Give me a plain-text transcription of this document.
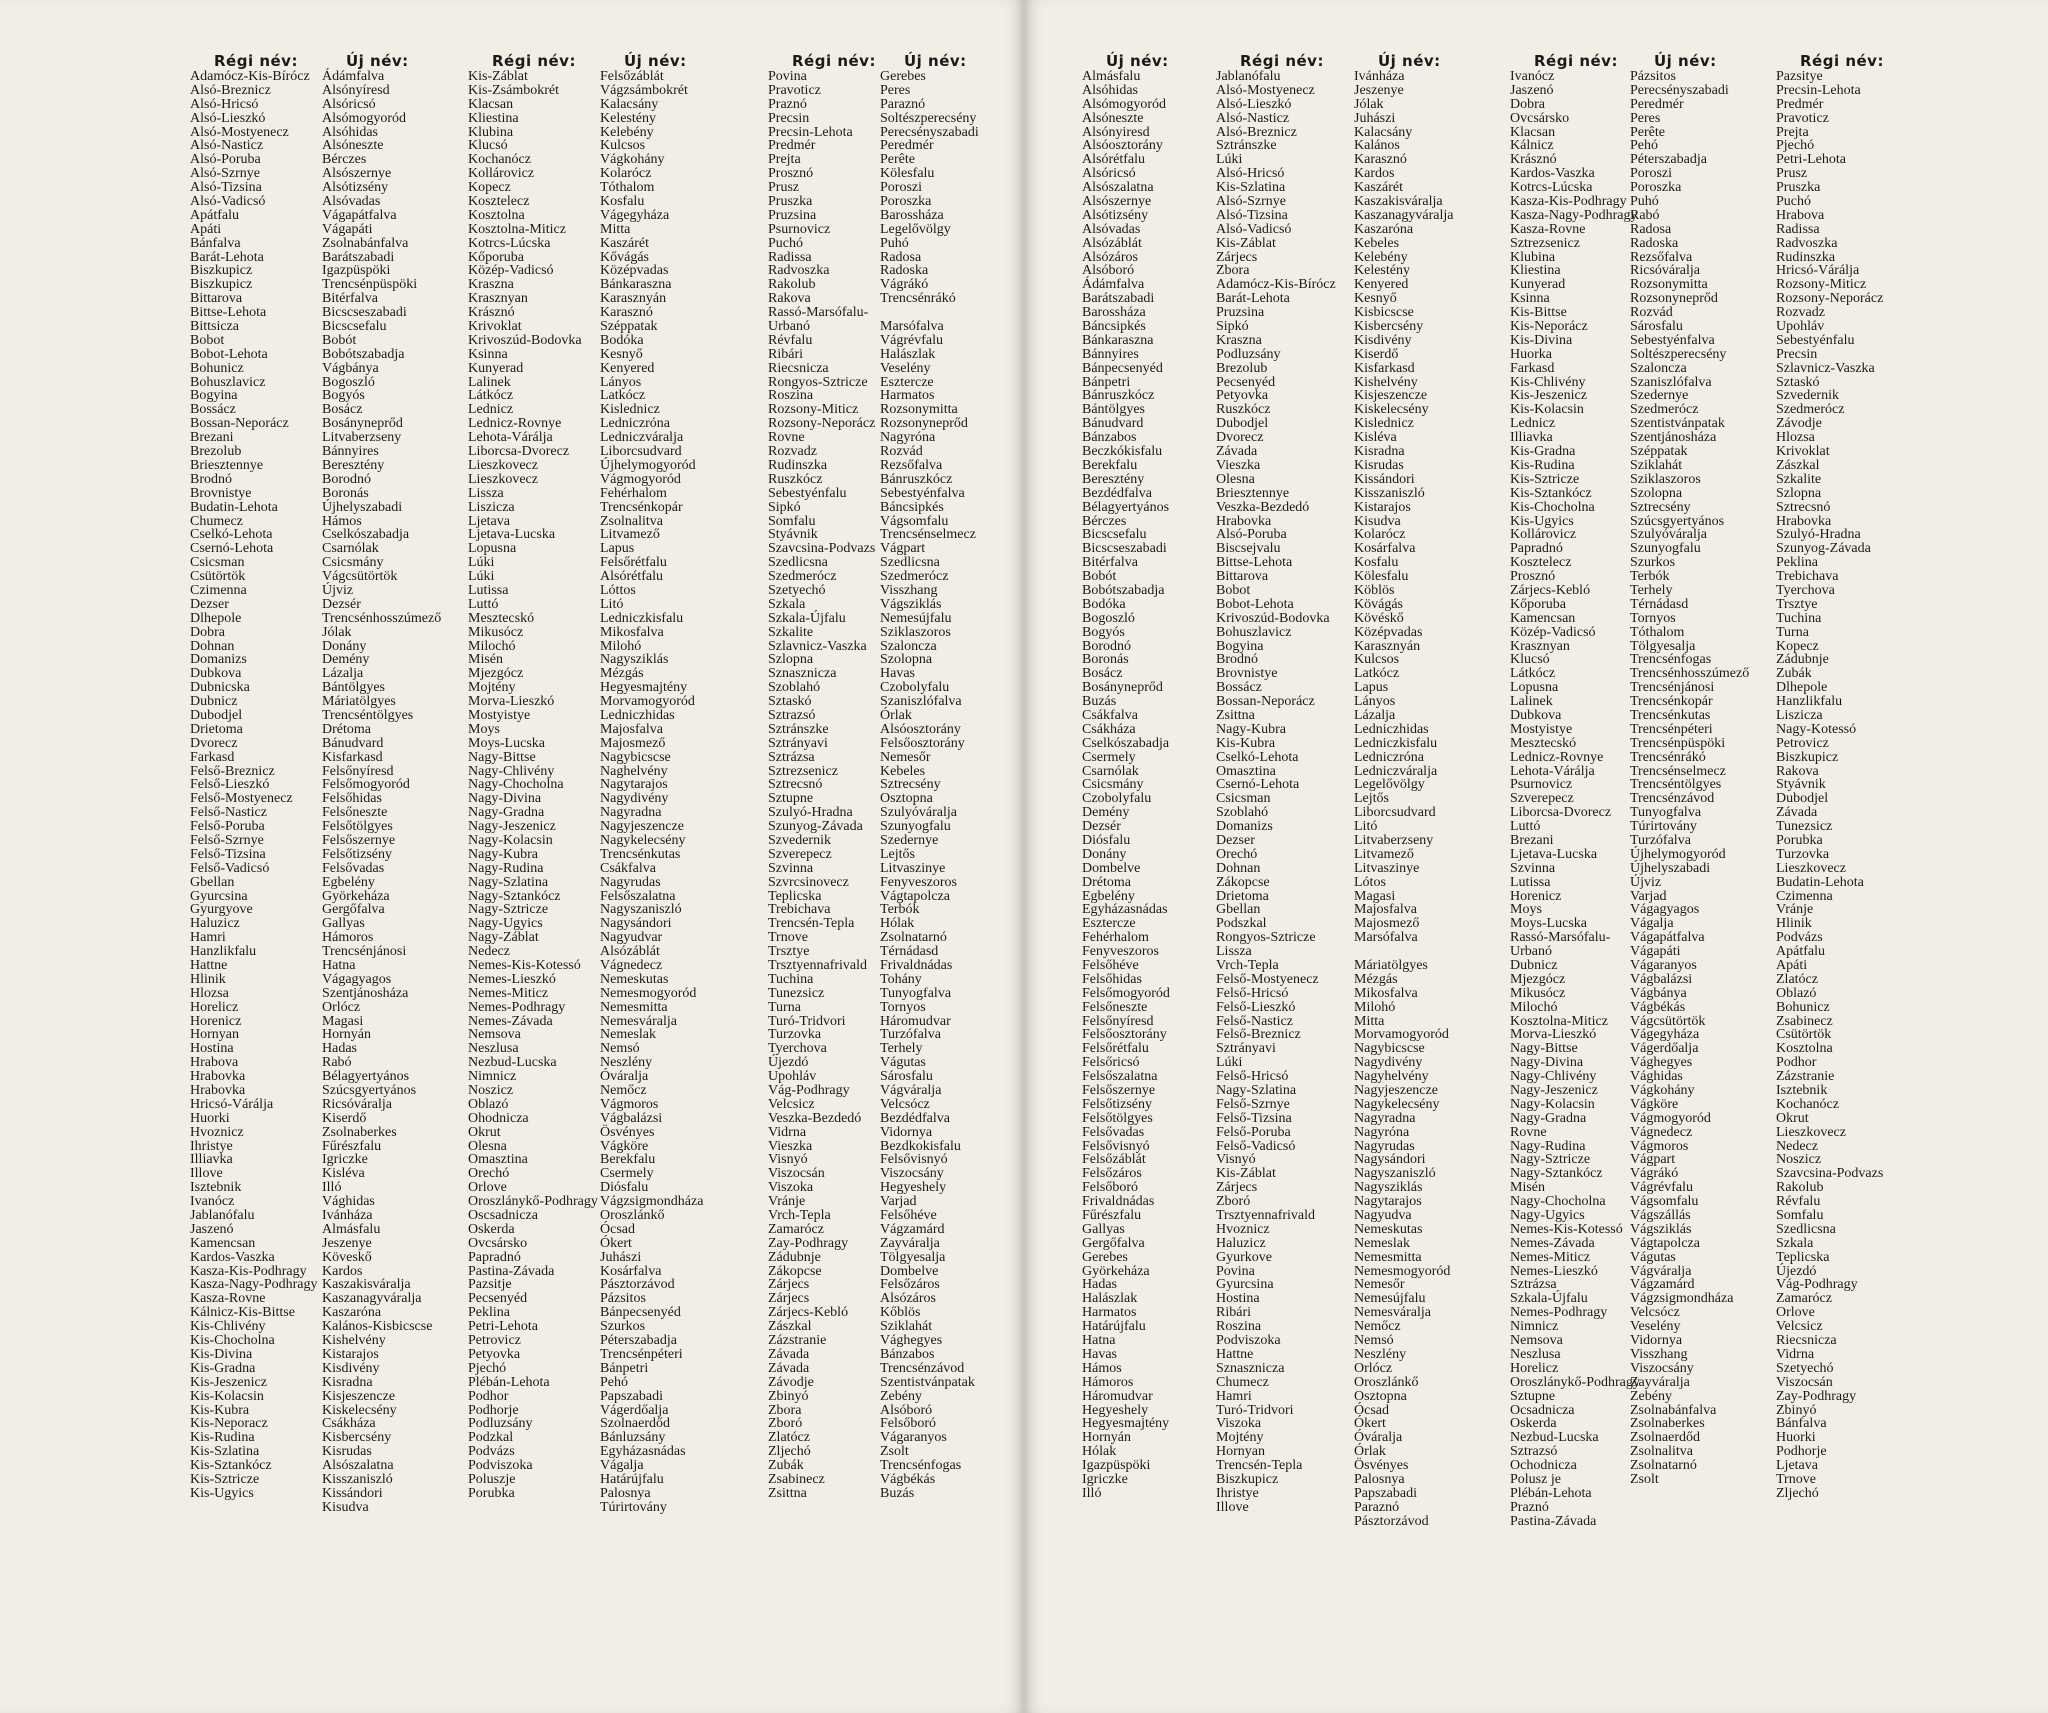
Régi név:
Adamócz-Kis-Bírócz
Alsó-Breznicz
Alsó-Hricsó
Alsó-Lieszkó
Alsó-Mostyenecz
Alsó-Nasticz
Alsó-Poruba
Alsó-Szrnye
Alsó-Tizsina
Alsó-Vadicsó
Apátfalu
Apáti
Bánfalva
Barát-Lehota
Biszkupicz
Biszkupicz
Bittarova
Bittse-Lehota
Bittsicza
Bobot
Bobot-Lehota
Bohunicz
Bohuszlavicz
Bogyina
Bossácz
Bossan-Neporácz
Brezani
Brezolub
Briesztennye
Brodnó
Brovnistye
Budatin-Lehota
Chumecz
Cselkó-Lehota
Csernó-Lehota
Csicsman
Csütörtök
Czimenna
Dezser
Dlhepole
Dobra
Dohnan
Domanizs
Dubkova
Dubnicska
Dubnicz
Dubodjel
Drietoma
Dvorecz
Farkasd
Felső-Breznicz
Felső-Lieszkó
Felső-Mostyenecz
Felső-Nasticz
Felső-Poruba
Felső-Szrnye
Felső-Tizsina
Felső-Vadicsó
Gbellan
Gyurcsina
Gyurgyove
Haluzicz
Hamri
Hanzlikfalu
Hattne
Hlinik
Hlozsa
Horelicz
Horenicz
Hornyan
Hostina
Hrabova
Hrabovka
Hrabovka
Hricsó-Várálja
Huorki
Hvoznicz
Ihristye
Illiavka
Illove
Isztebnik
Ivanócz
Jablanófalu
Jaszenó
Kamencsan
Kardos-Vaszka
Kasza-Kis-Podhragy
Kasza-Nagy-Podhragy
Kasza-Rovne
Kálnicz-Kis-Bittse
Kis-Chlivény
Kis-Chocholna
Kis-Divina
Kis-Gradna
Kis-Jeszenicz
Kis-Kolacsin
Kis-Kubra
Kis-Neporacz
Kis-Rudina
Kis-Szlatina
Kis-Sztankócz
Kis-Sztricze
Kis-Ugyics
Új név:
Ádámfalva
Alsónyíresd
Alsóricsó
Alsómogyoród
Alsóhidas
Alsóneszte
Bérczes
Alsószernye
Alsótizsény
Alsóvadas
Vágapátfalva
Vágapáti
Zsolnabánfalva
Barátszabadi
Igazpüspöki
Trencsénpüspöki
Bitérfalva
Bicscseszabadi
Bicscsefalu
Bobót
Bobótszabadja
Vágbánya
Bogoszló
Bogyós
Bosácz
Bosányneprőd
Litvaberzseny
Bánnyires
Beresztény
Borodnó
Boronás
Újhelyszabadi
Hámos
Cselkószabadja
Csarnólak
Csicsmány
Vágcsütörtök
Újviz
Dezsér
Trencsénhosszúmező
Jólak
Donány
Demény
Lázalja
Bántölgyes
Máriatölgyes
Trencséntölgyes
Drétoma
Bánudvard
Kisfarkasd
Felsőnyíresd
Felsőmogyoród
Felsőhidas
Felsőneszte
Felsőtölgyes
Felsőszernye
Felsőtizsény
Felsővadas
Egbelény
Györkeháza
Gergőfalva
Gallyas
Hámoros
Trencsénjánosi
Hatna
Vágagyagos
Szentjánosháza
Orlócz
Magasi
Hornyán
Hadas
Rabó
Bélagyertyános
Szúcsgyertyános
Ricsóváralja
Kiserdő
Zsolnaberkes
Fűrészfalu
Igriczke
Kisléva
Illó
Vághidas
Ivánháza
Almásfalu
Jeszenye
Köveskő
Kardos
Kaszakisváralja
Kaszanagyváralja
Kaszaróna
Kalános-Kisbicscse
Kishelvény
Kistarajos
Kisdivény
Kisradna
Kisjeszencze
Kiskelecsény
Csákháza
Kisbercsény
Kisrudas
Alsószalatna
Kisszaniszló
Kissándori
Kisudva
Régi név:
Kis-Záblat
Kis-Zsámbokrét
Klacsan
Kliestina
Klubina
Klucsó
Kochanócz
Kollárovicz
Kopecz
Kosztelecz
Kosztolna
Kosztolna-Miticz
Kotrcs-Lúcska
Kőporuba
Közép-Vadicsó
Kraszna
Krasznyan
Krásznó
Krivoklat
Krivoszúd-Bodovka
Ksinna
Kunyerad
Lalinek
Látkócz
Lednicz
Lednicz-Rovnye
Lehota-Várálja
Liborcsa-Dvorecz
Lieszkovecz
Lieszkovecz
Lissza
Liszicza
Ljetava
Ljetava-Lucska
Lopusna
Lúki
Lúki
Lutissa
Luttó
Mesztecskó
Mikusócz
Milochó
Misén
Mjezgócz
Mojtény
Morva-Lieszkó
Mostyistye
Moys
Moys-Lucska
Nagy-Bittse
Nagy-Chlivény
Nagy-Chocholna
Nagy-Divina
Nagy-Gradna
Nagy-Jeszenicz
Nagy-Kolacsin
Nagy-Kubra
Nagy-Rudina
Nagy-Szlatina
Nagy-Sztankócz
Nagy-Sztricze
Nagy-Ugyics
Nagy-Záblat
Nedecz
Nemes-Kis-Kotessó
Nemes-Lieszkó
Nemes-Miticz
Nemes-Podhragy
Nemes-Závada
Nemsova
Neszlusa
Nezbud-Lucska
Nimnicz
Noszicz
Oblazó
Ohodnicza
Okrut
Olesna
Omasztina
Orechó
Orlove
Oroszlánykő-Podhragy
Oscsadnicza
Oskerda
Ovcsársko
Papradnó
Pastina-Závada
Pazsitje
Pecsenyéd
Peklina
Petri-Lehota
Petrovicz
Petyovka
Pjechó
Plébán-Lehota
Podhor
Podhorje
Podluzsány
Podzkal
Podvázs
Podviszoka
Poluszje
Porubka
Új név:
Felsőzáblát
Vágzsámbokrét
Kalacsány
Kelestény
Kelebény
Kulcsos
Vágkohány
Kolarócz
Tóthalom
Kosfalu
Vágegyháza
Mitta
Kaszárét
Kővágás
Középvadas
Bánkaraszna
Karasznyán
Karasznó
Széppatak
Bodóka
Kesnyő
Kenyered
Lányos
Latkócz
Kislednicz
Ledniczróna
Ledniczváralja
Liborcsudvard
Újhelymogyoród
Vágmogyoród
Fehérhalom
Trencsénkopár
Zsolnalitva
Litvamező
Lapus
Felsőrétfalu
Alsórétfalu
Lóttos
Litó
Ledniczkisfalu
Mikosfalva
Milohó
Nagysziklás
Mézgás
Hegyesmajtény
Morvamogyoród
Ledniczhidas
Majosfalva
Majosmező
Nagybicscse
Naghelvény
Nagytarajos
Nagydivény
Nagyradna
Nagyjeszencze
Nagykelecsény
Trencsénkutas
Csákfalva
Nagyrudas
Felsőszalatna
Nagyszaniszló
Nagysándori
Nagyudvar
Alsózáblát
Vágnedecz
Nemeskutas
Nemesmogyoród
Nemesmitta
Nemesváralja
Nemeslak
Nemsó
Neszlény
Óváralja
Nemőcz
Vágmoros
Vágbalázsi
Ösvényes
Vágköre
Berekfalu
Csermely
Diósfalu
Vágzsigmondháza
Oroszlánkő
Ócsad
Ókert
Juhászi
Kosárfalva
Pásztorzávod
Pázsitos
Bánpecsenyéd
Szurkos
Péterszabadja
Trencsénpéteri
Bánpetri
Pehó
Papszabadi
Vágerdőalja
Szolnaerdőd
Bánluzsány
Egyházasnádas
Vágalja
Határújfalu
Palosnya
Túrirtovány
Régi név:
Povina
Pravoticz
Praznó
Precsin
Precsin-Lehota
Predmér
Prejta
Prosznó
Prusz
Pruszka
Pruzsina
Psurnovicz
Puchó
Radissa
Radvoszka
Rakolub
Rakova
Rassó-Marsófalu-
Urbanó
Révfalu
Ribári
Riecsnicza
Rongyos-Sztricze
Roszina
Rozsony-Miticz
Rozsony-Neporácz
Rovne
Rozvadz
Rudinszka
Ruszkócz
Sebestyénfalu
Sipkó
Somfalu
Styávnik
Szavcsina-Podvazs
Szedlicsna
Szedmerócz
Szetyechó
Szkala
Szkala-Újfalu
Szkalite
Szlavnicz-Vaszka
Szlopna
Sznasznicza
Szoblahó
Sztaskó
Sztrazsó
Sztránszke
Sztrányavi
Sztrázsa
Sztrezsenicz
Sztrecsnó
Sztupne
Szulyó-Hradna
Szunyog-Závada
Szvedernik
Szverepecz
Szvinna
Szvrcsinovecz
Teplicska
Trebichava
Trencsén-Tepla
Trnove
Trsztye
Trsztyennafrivald
Tuchina
Tunezsicz
Turna
Turó-Tridvori
Turzovka
Tyerchova
Újezdó
Upohláv
Vág-Podhragy
Velcsicz
Veszka-Bezdedó
Vidrna
Vieszka
Visnyó
Viszocsán
Viszoka
Vránje
Vrch-Tepla
Zamarócz
Zay-Podhragy
Zádubnje
Zákopcse
Zárjecs
Zárjecs
Zárjecs-Kebló
Zászkal
Zázstranie
Závada
Závada
Závodje
Zbinyó
Zbora
Zboró
Zlatócz
Zljechó
Zubák
Zsabinecz
Zsittna
Új név:
Gerebes
Peres
Paraznó
Soltészperecsény
Perecsényszabadi
Peredmér
Perête
Kölesfalu
Poroszi
Poroszka
Barossháza
Legelővölgy
Puhó
Radosa
Radoska
Vágrákó
Trencsénrákó
Marsófalva
Vágrévfalu
Halászlak
Veselény
Esztercze
Harmatos
Rozsonymitta
Rozsonyneprőd
Nagyróna
Rozvád
Rezsőfalva
Bánruszkócz
Sebestyénfalva
Báncsipkés
Vágsomfalu
Trencsénselmecz
Vágpart
Szedlicsna
Szedmerócz
Visszhang
Vágsziklás
Nemesújfalu
Sziklaszoros
Szaloncza
Szolopna
Havas
Czobolyfalu
Szaniszlófalva
Órlak
Alsóosztorány
Felsőosztorány
Nemesőr
Kebeles
Sztrecsény
Osztopna
Szulyóváralja
Szunyogfalu
Szedernye
Lejtős
Litvaszinye
Fenyveszoros
Vágtapolcza
Terbók
Hólak
Zsolnatarnó
Térnádasd
Frivaldnádas
Tohány
Tunyogfalva
Tornyos
Háromudvar
Turzófalva
Terhely
Vágutas
Sárosfalu
Vágváralja
Velcsócz
Bezdédfalva
Vidornya
Bezdkokisfalu
Felsővisnyó
Viszocsány
Hegyeshely
Varjad
Felsőhéve
Vágzamárd
Zayváralja
Tölgyesalja
Dombelve
Felsőzáros
Alsózáros
Kőblös
Sziklahát
Vághegyes
Bánzabos
Trencsénzávod
Szentistvánpatak
Zebény
Alsóboró
Felsőboró
Vágaranyos
Zsolt
Trencsénfogas
Vágbékás
Buzás
Új név:
Almásfalu
Alsóhidas
Alsómogyoród
Alsóneszte
Alsónyiresd
Alsóosztorány
Alsórétfalu
Alsóricsó
Alsószalatna
Alsószernye
Alsótizsény
Alsóvadas
Alsózáblát
Alsózáros
Alsóboró
Ádámfalva
Barátszabadi
Barossháza
Báncsipkés
Bánkaraszna
Bánnyires
Bánpecsenyéd
Bánpetri
Bánruszkócz
Bántölgyes
Bánudvard
Bánzabos
Beczkókisfalu
Berekfalu
Beresztény
Bezdédfalva
Bélagyertyános
Bérczes
Bicscsefalu
Bicscseszabadi
Bitérfalva
Bobót
Bobótszabadja
Bodóka
Bogoszló
Bogyós
Borodnó
Boronás
Bosácz
Bosányneprőd
Buzás
Csákfalva
Csákháza
Cselkószabadja
Csermely
Csarnólak
Csicsmány
Czobolyfalu
Demény
Dezsér
Diósfalu
Donány
Dombelve
Drétoma
Egbelény
Egyházasnádas
Esztercze
Fehérhalom
Fenyveszoros
Felsőhéve
Felsőhidas
Felsőmogyoród
Felsőneszte
Felsőnyíresd
Felsőosztorány
Felsőrétfalu
Felsőricsó
Felsőszalatna
Felsőszernye
Felsőtizsény
Felsőtölgyes
Felsővadas
Felsővisnyó
Felsőzáblát
Felsőzáros
Felsőboró
Frivaldnádas
Fűrészfalu
Gallyas
Gergőfalva
Gerebes
Györkeháza
Hadas
Halászlak
Harmatos
Határújfalu
Hatna
Havas
Hámos
Hámoros
Háromudvar
Hegyeshely
Hegyesmajtény
Hornyán
Hólak
Igazpüspöki
Igriczke
Illó
Régi név:
Jablanófalu
Alsó-Mostyenecz
Alsó-Lieszkó
Alsó-Nasticz
Alsó-Breznicz
Sztránszke
Lúki
Alsó-Hricsó
Kis-Szlatina
Alsó-Szrnye
Alsó-Tizsina
Alsó-Vadicsó
Kis-Záblat
Zárjecs
Zbora
Adamócz-Kis-Bírócz
Barát-Lehota
Pruzsina
Sipkó
Kraszna
Podluzsány
Brezolub
Pecsenyéd
Petyovka
Ruszkócz
Dubodjel
Dvorecz
Závada
Vieszka
Olesna
Briesztennye
Veszka-Bezdedó
Hrabovka
Alsó-Poruba
Biscsejvalu
Bittse-Lehota
Bittarova
Bobot
Bobot-Lehota
Krivoszúd-Bodovka
Bohuszlavicz
Bogyina
Brodnó
Brovnistye
Bossácz
Bossan-Neporácz
Zsittna
Nagy-Kubra
Kis-Kubra
Cselkó-Lehota
Omasztina
Csernó-Lehota
Csicsman
Szoblahó
Domanizs
Dezser
Orechó
Dohnan
Zákopcse
Drietoma
Gbellan
Podszkal
Rongyos-Sztricze
Lissza
Vrch-Tepla
Felső-Mostyenecz
Felső-Hricsó
Felső-Lieszkó
Felső-Nasticz
Felső-Breznicz
Sztrányavi
Lúki
Felső-Hricsó
Nagy-Szlatina
Felső-Szrnye
Felső-Tizsina
Felső-Poruba
Felső-Vadicsó
Visnyó
Kis-Záblat
Zárjecs
Zboró
Trsztyennafrivald
Hvoznicz
Haluzicz
Gyurkove
Povina
Gyurcsina
Hostina
Ribári
Roszina
Podviszoka
Hattne
Sznasznicza
Chumecz
Hamri
Turó-Tridvori
Viszoka
Mojtény
Hornyan
Trencsén-Tepla
Biszkupicz
Ihristye
Illove
Új név:
Ivánháza
Jeszenye
Jólak
Juhászi
Kalacsány
Kalános
Karasznó
Kardos
Kaszárét
Kaszakisváralja
Kaszanagyváralja
Kaszaróna
Kebeles
Kelebény
Kelestény
Kenyered
Kesnyő
Kisbicscse
Kisbercsény
Kisdivény
Kiserdő
Kisfarkasd
Kishelvény
Kisjeszencze
Kiskelecsény
Kislednicz
Kisléva
Kisradna
Kisrudas
Kissándori
Kisszaniszló
Kistarajos
Kisudva
Kolarócz
Kosárfalva
Kosfalu
Kölesfalu
Köblös
Kövágás
Kövéskő
Középvadas
Karasznyán
Kulcsos
Latkócz
Lapus
Lányos
Lázalja
Ledniczhidas
Ledniczkisfalu
Ledniczróna
Ledniczváralja
Legelővölgy
Lejtős
Liborcsudvard
Litó
Litvaberzseny
Litvamező
Litvaszinye
Lótos
Magasi
Majosfalva
Majosmező
Marsófalva
Máriatölgyes
Mézgás
Mikosfalva
Milohó
Mitta
Morvamogyoród
Nagybicscse
Nagydivény
Nagyhelvény
Nagyjeszencze
Nagykelecsény
Nagyradna
Nagyróna
Nagyrudas
Nagysándori
Nagyszaniszló
Nagysziklás
Nagytarajos
Nagyudva
Nemeskutas
Nemeslak
Nemesmitta
Nemesmogyoród
Nemesőr
Nemesújfalu
Nemesváralja
Nemőcz
Nemsó
Neszlény
Orlócz
Oroszlánkő
Osztopna
Ócsad
Ókert
Óváralja
Órlak
Ösvényes
Palosnya
Papszabadi
Paraznó
Pásztorzávod
Régi név:
Ivanócz
Jaszenó
Dobra
Ovcsársko
Klacsan
Kálnicz
Krásznó
Kardos-Vaszka
Kotrcs-Lúcska
Kasza-Kis-Podhragy
Kasza-Nagy-Podhragy
Kasza-Rovne
Sztrezsenicz
Klubina
Kliestina
Kunyerad
Ksinna
Kis-Bittse
Kis-Neporácz
Kis-Divina
Huorka
Farkasd
Kis-Chlivény
Kis-Jeszenicz
Kis-Kolacsin
Lednicz
Illiavka
Kis-Gradna
Kis-Rudina
Kis-Sztricze
Kis-Sztankócz
Kis-Chocholna
Kis-Ugyics
Kollárovicz
Papradnó
Kosztelecz
Prosznó
Zárjecs-Kebló
Kőporuba
Kamencsan
Közép-Vadicsó
Krasznyan
Klucsó
Látkócz
Lopusna
Lalinek
Dubkova
Mostyistye
Mesztecskó
Lednicz-Rovnye
Lehota-Várálja
Psurnovicz
Szverepecz
Liborcsa-Dvorecz
Luttó
Brezani
Ljetava-Lucska
Szvinna
Lutissa
Horenicz
Moys
Moys-Lucska
Rassó-Marsófalu-
Urbanó
Dubnicz
Mjezgócz
Mikusócz
Milochó
Kosztolna-Miticz
Morva-Lieszkó
Nagy-Bittse
Nagy-Divina
Nagy-Chlivény
Nagy-Jeszenicz
Nagy-Kolacsin
Nagy-Gradna
Rovne
Nagy-Rudina
Nagy-Sztricze
Nagy-Sztankócz
Misén
Nagy-Chocholna
Nagy-Ugyics
Nemes-Kis-Kotessó
Nemes-Závada
Nemes-Miticz
Nemes-Lieszkó
Sztrázsa
Szkala-Újfalu
Nemes-Podhragy
Nimnicz
Nemsova
Neszlusa
Horelicz
Oroszlánykő-Podhragy
Sztupne
Ocsadnicza
Oskerda
Nezbud-Lucska
Sztrazsó
Ochodnicza
Polusz je
Plébán-Lehota
Praznó
Pastina-Závada
Új név:
Pázsitos
Perecsényszabadi
Peredmér
Peres
Perête
Pehó
Péterszabadja
Poroszi
Poroszka
Puhó
Rabó
Radosa
Radoska
Rezsőfalva
Ricsóváralja
Rozsonymitta
Rozsonyneprőd
Rozvád
Sárosfalu
Sebestyénfalva
Soltészperecsény
Szaloncza
Szaniszlófalva
Szedernye
Szedmerócz
Szentistvánpatak
Szentjánosháza
Széppatak
Sziklahát
Sziklaszoros
Szolopna
Sztrecsény
Szúcsgyertyános
Szulyóváralja
Szunyogfalu
Szurkos
Terbók
Terhely
Térnádasd
Tornyos
Tóthalom
Tölgyesalja
Trencsénfogas
Trencsénhosszúmező
Trencsénjánosi
Trencsénkopár
Trencsénkutas
Trencsénpéteri
Trencsénpüspöki
Trencsénrákó
Trencsénselmecz
Trencséntölgyes
Trencsénzávod
Tunyogfalva
Túrirtovány
Turzófalva
Újhelymogyoród
Újhelyszabadi
Újviz
Varjad
Vágagyagos
Vágalja
Vágapátfalva
Vágapáti
Vágaranyos
Vágbalázsi
Vágbánya
Vágbékás
Vágcsütörtök
Vágegyháza
Vágerdőalja
Vághegyes
Vághidas
Vágkohány
Vágköre
Vágmogyoród
Vágnedecz
Vágmoros
Vágpart
Vágrákó
Vágrévfalu
Vágsomfalu
Vágszállás
Vágsziklás
Vágtapolcza
Vágutas
Vágváralja
Vágzamárd
Vágzsigmondháza
Velcsócz
Veselény
Vidornya
Visszhang
Viszocsány
Zayváralja
Zebény
Zsolnabánfalva
Zsolnaberkes
Zsolnaerdőd
Zsolnalitva
Zsolnatarnó
Zsolt
Régi név:
Pazsitye
Precsin-Lehota
Predmér
Pravoticz
Prejta
Pjechó
Petri-Lehota
Prusz
Pruszka
Puchó
Hrabova
Radissa
Radvoszka
Rudinszka
Hricsó-Várálja
Rozsony-Miticz
Rozsony-Neporácz
Rozvadz
Upohláv
Sebestyénfalu
Precsin
Szlavnicz-Vaszka
Sztaskó
Szvedernik
Szedmerócz
Závodje
Hlozsa
Krivoklat
Zászkal
Szkalite
Szlopna
Sztrecsnó
Hrabovka
Szulyó-Hradna
Szunyog-Závada
Peklina
Trebichava
Tyerchova
Trsztye
Tuchina
Turna
Kopecz
Zádubnje
Zubák
Dlhepole
Hanzlikfalu
Liszicza
Nagy-Kotessó
Petrovicz
Biszkupicz
Rakova
Styávnik
Dubodjel
Závada
Tunezsicz
Porubka
Turzovka
Lieszkovecz
Budatin-Lehota
Czimenna
Vránje
Hlinik
Podvázs
Apátfalu
Apáti
Zlatócz
Oblazó
Bohunicz
Zsabinecz
Csütörtök
Kosztolna
Podhor
Zázstranie
Isztebnik
Kochanócz
Okrut
Lieszkovecz
Nedecz
Noszicz
Szavcsina-Podvazs
Rakolub
Révfalu
Somfalu
Szedlicsna
Szkala
Teplicska
Újezdó
Vág-Podhragy
Zamarócz
Orlove
Velcsicz
Riecsnicza
Vidrna
Szetyechó
Viszocsán
Zay-Podhragy
Zbinyó
Bánfalva
Huorki
Podhorje
Ljetava
Trnove
Zljechó
